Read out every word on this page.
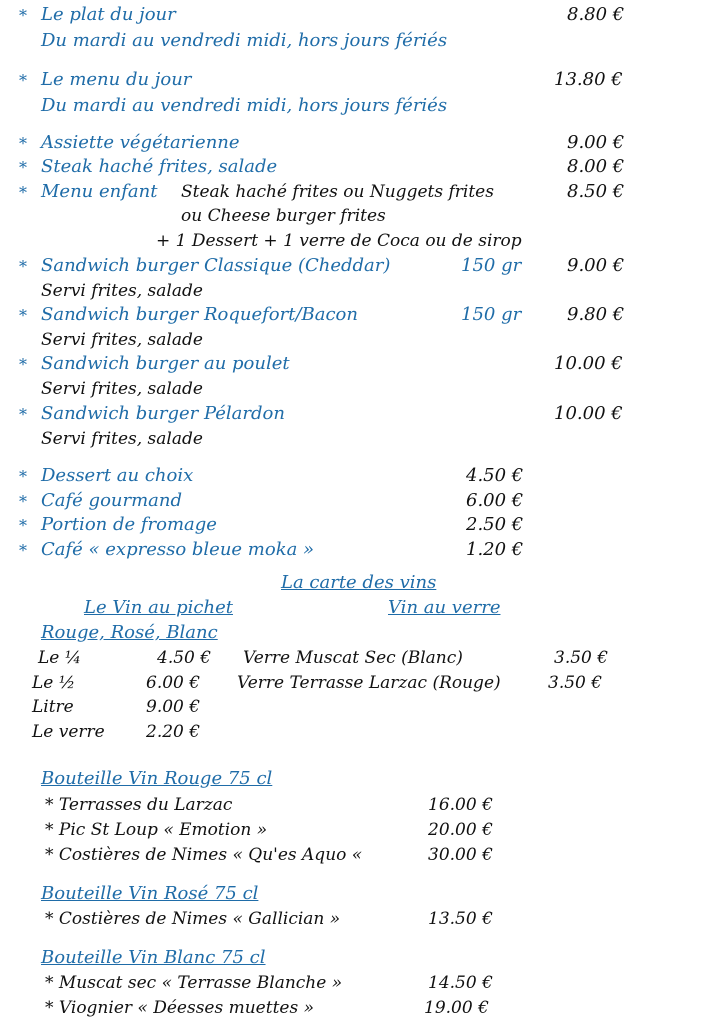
* Le plat du jour	8.80 €
Du mardi au vendredi midi, hors jours fériés
* Le menu du jour	13.80 €
Du mardi au vendredi midi, hors jours fériés
* Assiette végétarienne	9.00 €
* Steak haché frites, salade	8.00 €
* Menu enfant Steak haché frites ou Nuggets frites	8.50 €
ou Cheese burger frites
+ 1 Dessert + 1 verre de Coca ou de sirop
* Sandwich burger Classique (Cheddar)	150 gr	9.00 €
Servi frites, salade
* Sandwich burger Roquefort/Bacon	150 gr	9.80 €
Servi frites, salade
* Sandwich burger au poulet	10.00 €
Servi frites, salade
* Sandwich burger Pélardon	10.00 €
Servi frites, salade
* Dessert au choix	4.50 €
* Café gourmand	6.00 €
* Portion de fromage	2.50 €
* Café « expresso bleue moka »	1.20 €
La carte des vins
Le Vin au pichet	Vin au verre
Rouge, Rosé, Blanc
Le ¼	4.50 €
Le ½	6.00 €
Litre	9.00 €
Le verre 2.20 €
Verre Muscat Sec (Blanc)	3.50 €
Verre Terrasse Larzac (Rouge)	3.50 €
Bouteille Vin Rouge 75 cl
* Terrasses du Larzac	16.00 €
* Pic St Loup « Emotion »	20.00 €
* Costières de Nimes « Qu'es Aquo «	30.00 €
Bouteille Vin Rosé 75 cl
* Costières de Nimes « Gallician »	13.50 €
Bouteille Vin Blanc 75 cl
* Muscat sec « Terrasse Blanche »	14.50 €
* Viognier « Déesses muettes »	19.00 €
